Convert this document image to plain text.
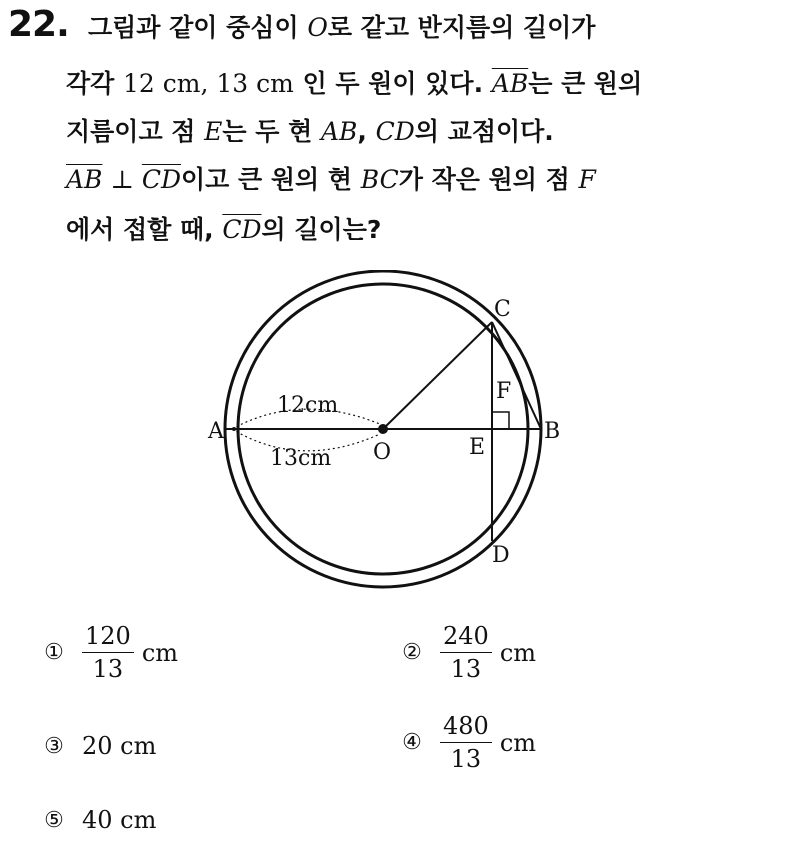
22. 그림과 같이 중심이 O로 같고 반지름의 길이가
각각 12 cm, 13 cm 인 두 원이 있다. $\overline{AB}$는 큰 원의
지름이고 점 E는 두 현 AB, CD의 교점이다.
$\overline{AB}$ ⊥ $\overline{CD}$이고 큰 원의 현 BC가 작은 원의 점 F
에서 접할 때, $\overline{CD}$의 길이는?
A	B
C
D
E
F
O
12cm
13cm
① $\frac{120}{13}$ cm	② $\frac{240}{13}$ cm
③ 20 cm	④ $\frac{480}{13}$ cm
⑤ 40 cm
